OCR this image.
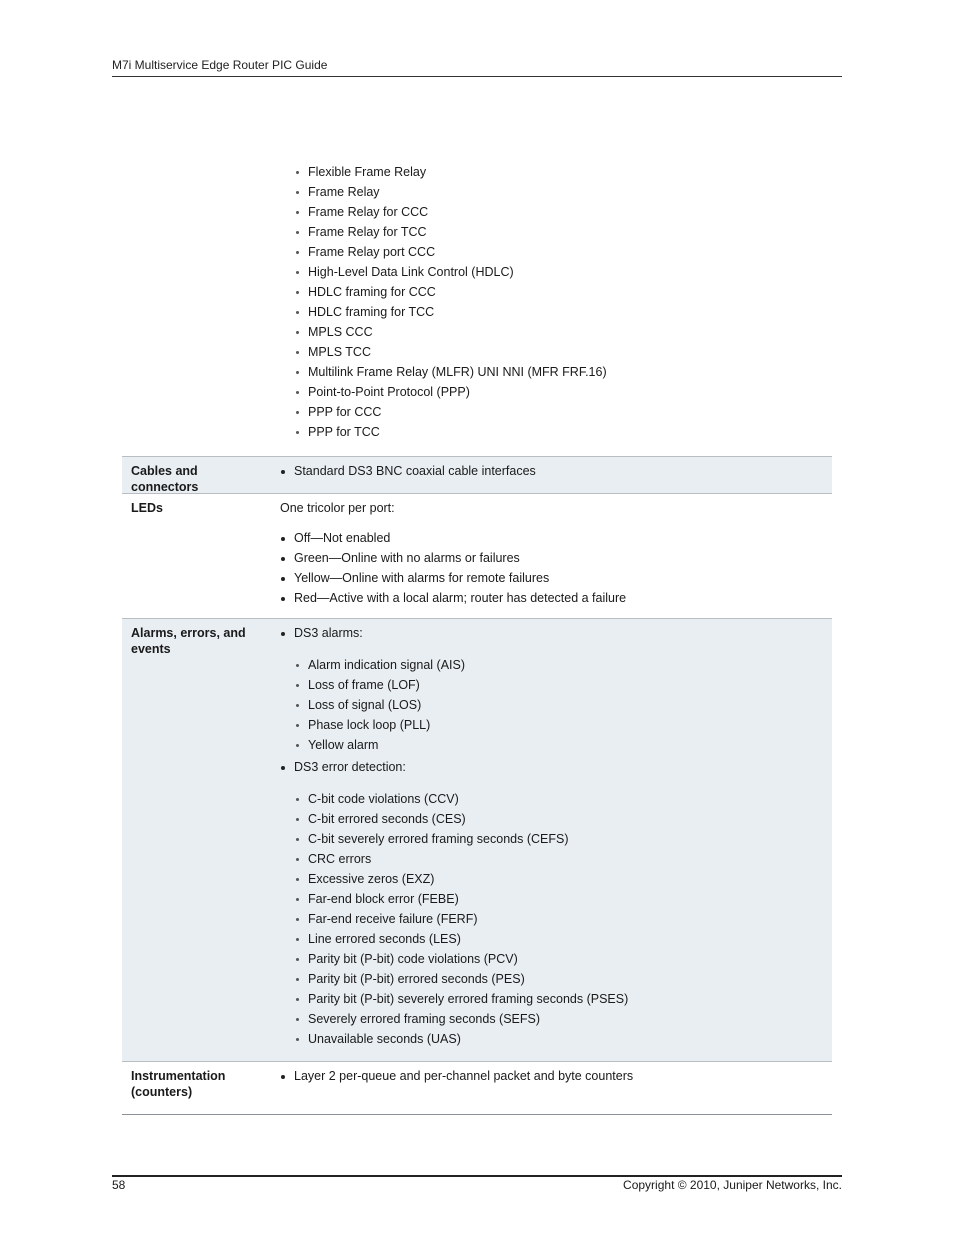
M7i Multiservice Edge Router PIC Guide
Flexible Frame Relay
Frame Relay
Frame Relay for CCC
Frame Relay for TCC
Frame Relay port CCC
High-Level Data Link Control (HDLC)
HDLC framing for CCC
HDLC framing for TCC
MPLS CCC
MPLS TCC
Multilink Frame Relay (MLFR) UNI NNI (MFR FRF.16)
Point-to-Point Protocol (PPP)
PPP for CCC
PPP for TCC
Cables and connectors
Standard DS3 BNC coaxial cable interfaces
LEDs	One tricolor per port:
Off—Not enabled
Green—Online with no alarms or failures
Yellow—Online with alarms for remote failures
Red—Active with a local alarm; router has detected a failure
Alarms, errors, and events
DS3 alarms:
Alarm indication signal (AIS)
Loss of frame (LOF)
Loss of signal (LOS)
Phase lock loop (PLL)
Yellow alarm
DS3 error detection:
C-bit code violations (CCV)
C-bit errored seconds (CES)
C-bit severely errored framing seconds (CEFS)
CRC errors
Excessive zeros (EXZ)
Far-end block error (FEBE)
Far-end receive failure (FERF)
Line errored seconds (LES)
Parity bit (P-bit) code violations (PCV)
Parity bit (P-bit) errored seconds (PES)
Parity bit (P-bit) severely errored framing seconds (PSES)
Severely errored framing seconds (SEFS)
Unavailable seconds (UAS)
Instrumentation (counters)
Layer 2 per-queue and per-channel packet and byte counters
58	Copyright © 2010, Juniper Networks, Inc.
